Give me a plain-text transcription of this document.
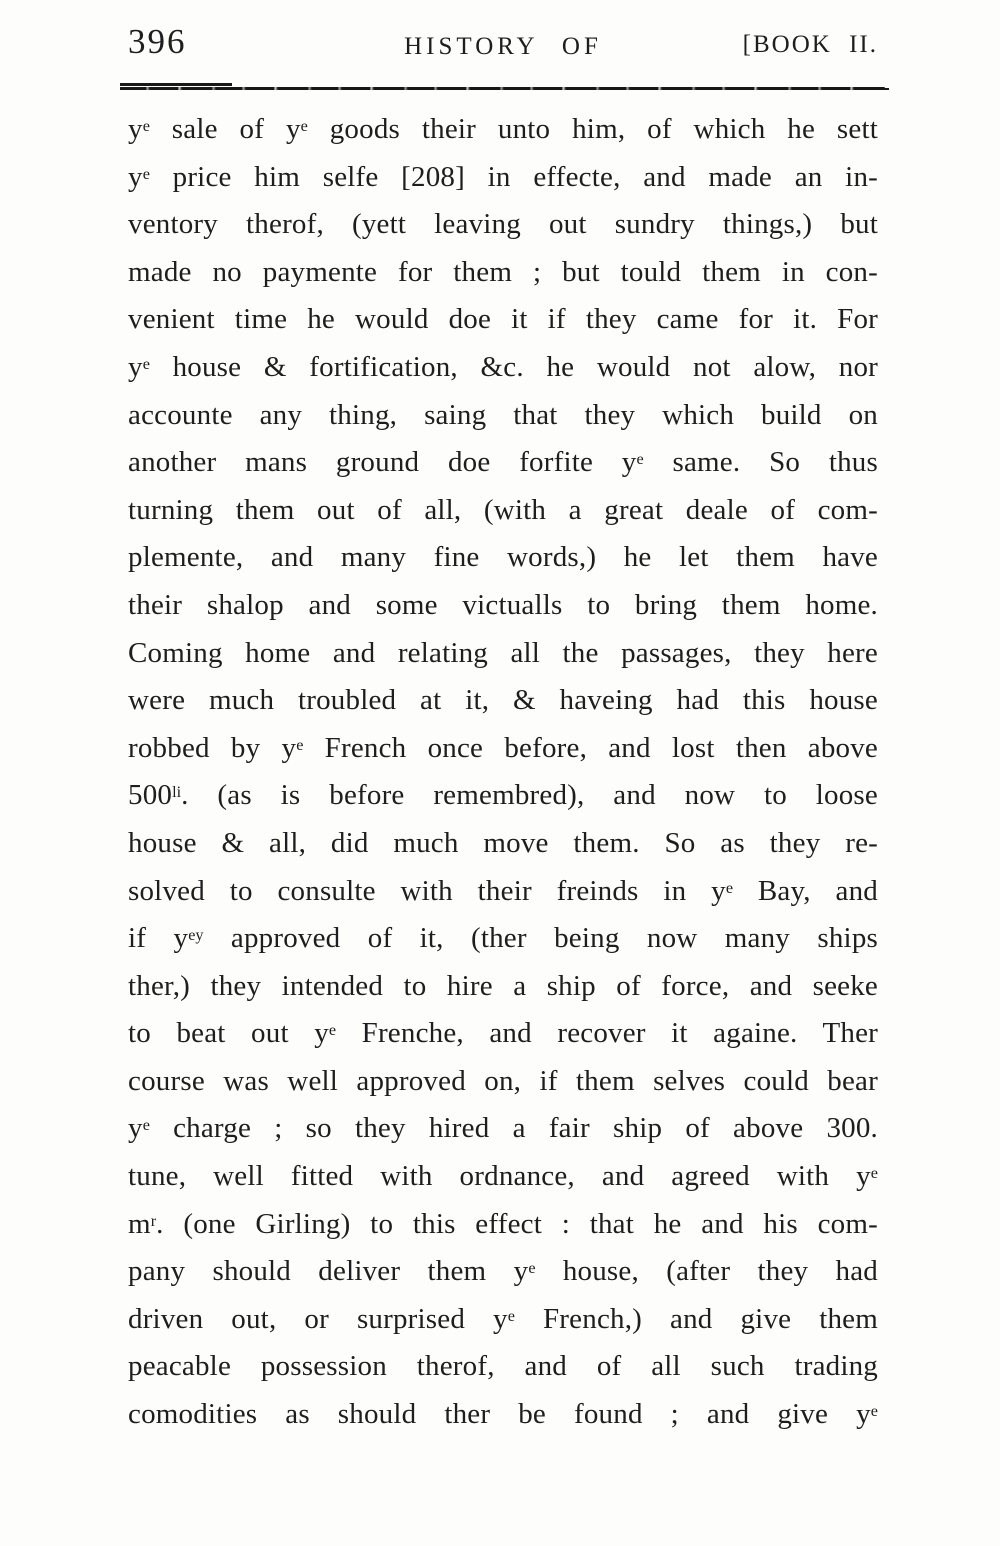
396	HISTORY OF	[BOOK II.
$y^e$ sale of $y^e$ goods their unto him, of which he sett
$y^e$ price him selfe [208] in effecte, and made an in-
ventory therof, (yett leaving out sundry things,) but
made no paymente for them ; but tould them in con-
venient time he would doe it if they came for it. For
$y^e$ house & fortification, &c. he would not alow, nor
accounte any thing, saing that they which build on
another mans ground doe forfite $y^e$ same. So thus
turning them out of all, (with a great deale of com-
plemente, and many fine words,) he let them have
their shalop and some victualls to bring them home.
Coming home and relating all the passages, they here
were much troubled at it, & haveing had this house
robbed by $y^e$ French once before, and lost then above
$500^{li}$. (as is before remembred), and now to loose
house & all, did much move them. So as they re-
solved to consulte with their freinds in $y^e$ Bay, and
if $y^{ey}$ approved of it, (ther being now many ships
ther,) they intended to hire a ship of force, and seeke
to beat out $y^e$ Frenche, and recover it againe. Ther
course was well approved on, if them selves could bear
$y^e$ charge ; so they hired a fair ship of above 300.
tune, well fitted with ordnance, and agreed with $y^e$
$m^r$. (one Girling) to this effect : that he and his com-
pany should deliver them $y^e$ house, (after they had
driven out, or surprised $y^e$ French,) and give them
peacable possession therof, and of all such trading
comodities as should ther be found ; and give $y^e$
